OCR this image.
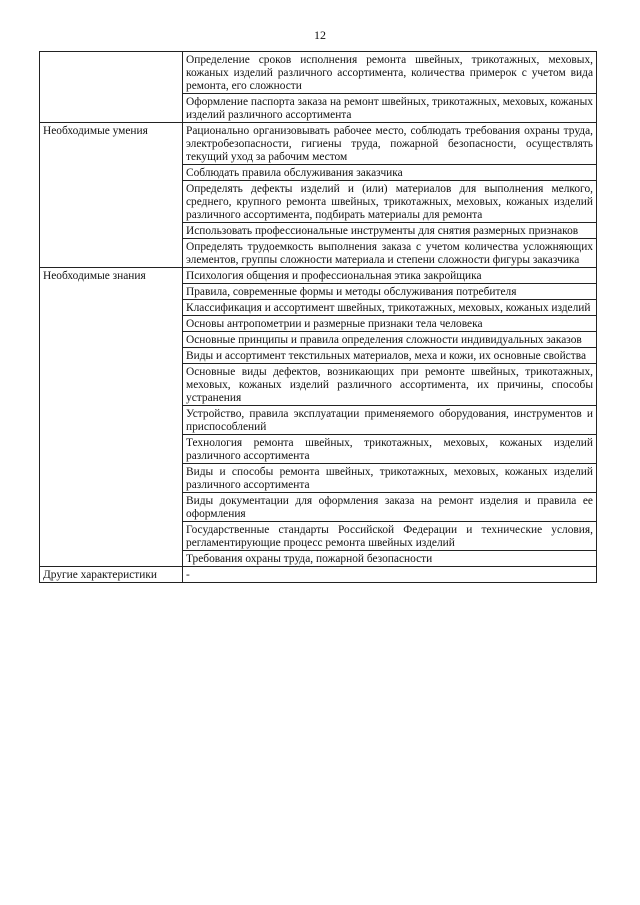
12
	Определение сроков исполнения ремонта швейных, трикотажных, меховых, кожаных изделий различного ассортимента, количества примерок с учетом вида ремонта, его сложности
	Оформление паспорта заказа на ремонт швейных, трикотажных, меховых, кожаных изделий различного ассортимента
Необходимые умения	Рационально организовывать рабочее место, соблюдать требования охраны труда, электробезопасности, гигиены труда, пожарной безопасности, осуществлять текущий уход за рабочим местом
	Соблюдать правила обслуживания заказчика
	Определять дефекты изделий и (или) материалов для выполнения мелкого, среднего, крупного ремонта швейных, трикотажных, меховых, кожаных изделий различного ассортимента, подбирать материалы для ремонта
	Использовать профессиональные инструменты для снятия размерных признаков
	Определять трудоемкость выполнения заказа с учетом количества усложняющих элементов, группы сложности материала и степени сложности фигуры заказчика
Необходимые знания	Психология общения и профессиональная этика закройщика
	Правила, современные формы и методы обслуживания потребителя
	Классификация и ассортимент швейных, трикотажных, меховых, кожаных изделий
	Основы антропометрии и размерные признаки тела человека
	Основные принципы и правила определения сложности индивидуальных заказов
	Виды и ассортимент текстильных материалов, меха и кожи, их основные свойства
	Основные виды дефектов, возникающих при ремонте швейных, трикотажных, меховых, кожаных изделий различного ассортимента, их причины, способы устранения
	Устройство, правила эксплуатации применяемого оборудования, инструментов и приспособлений
	Технология ремонта швейных, трикотажных, меховых, кожаных изделий различного ассортимента
	Виды и способы ремонта швейных, трикотажных, меховых, кожаных изделий различного ассортимента
	Виды документации для оформления заказа на ремонт изделия и правила ее оформления
	Государственные стандарты Российской Федерации и технические условия, регламентирующие процесс ремонта швейных изделий
	Требования охраны труда, пожарной безопасности
Другие характеристики	-
